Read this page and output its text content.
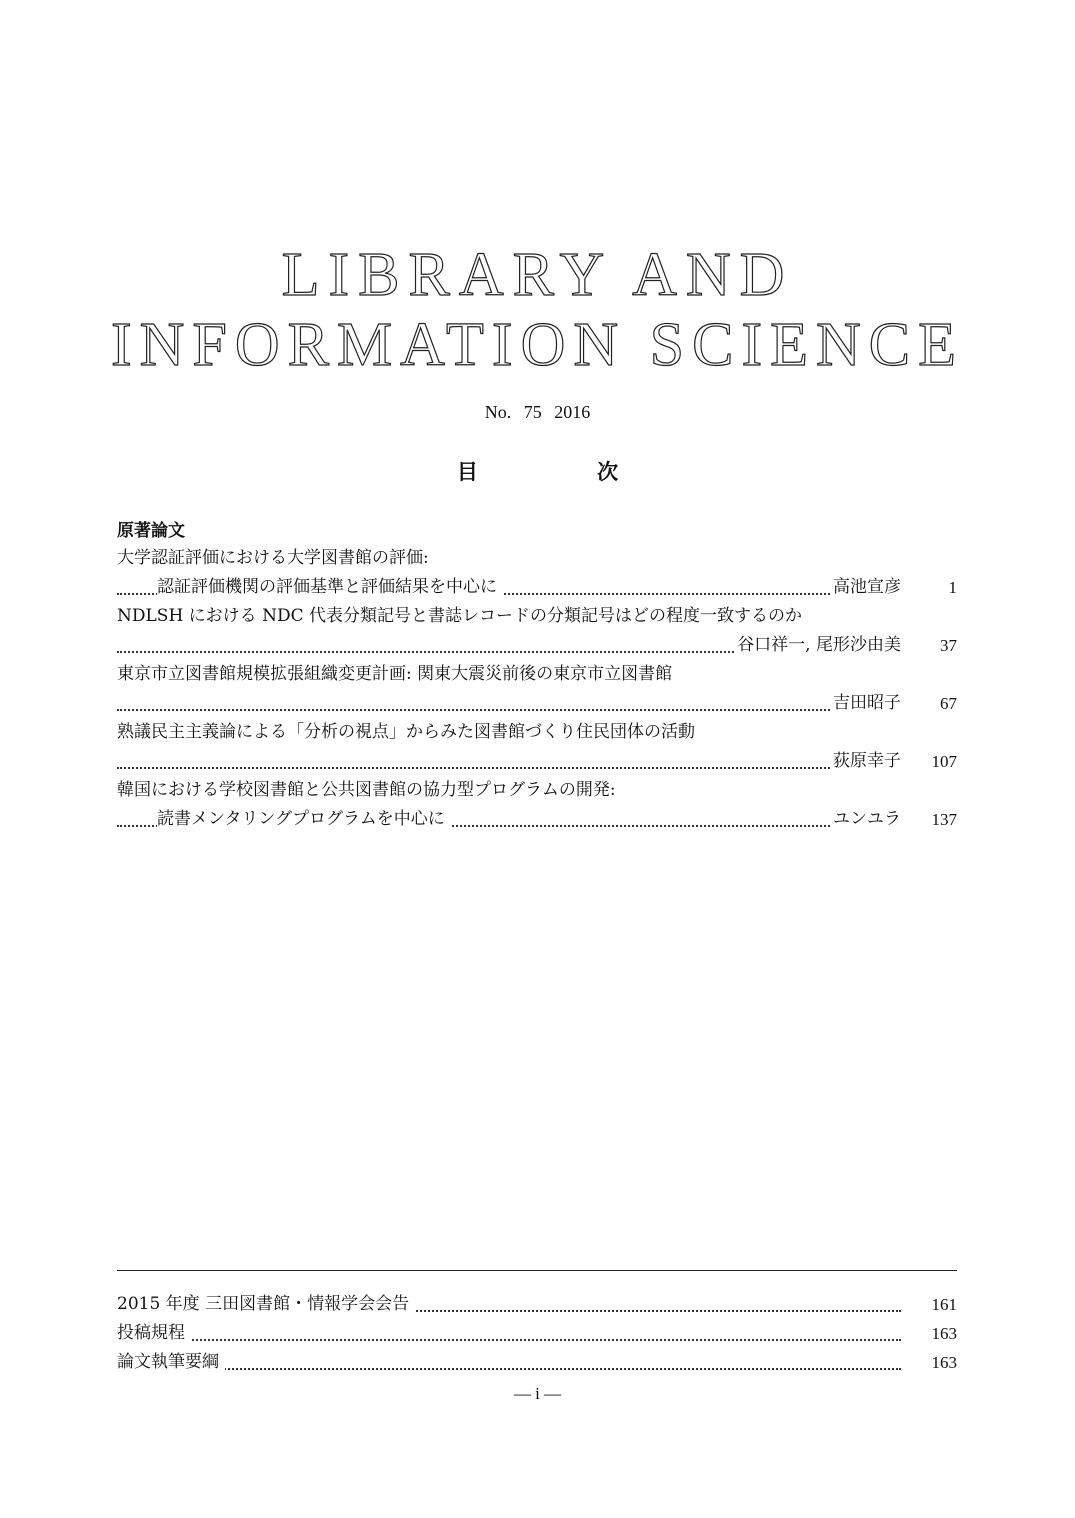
LIBRARY AND
INFORMATION SCIENCE
No. 75 2016
目 次
原著論文
大学認証評価における大学図書館の評価:
認証評価機関の評価基準と評価結果を中心に	高池宣彦	1
NDLSH における NDC 代表分類記号と書誌レコードの分類記号はどの程度一致するのか
谷口祥一, 尾形沙由美 37
東京市立図書館規模拡張組織変更計画: 関東大震災前後の東京市立図書館
吉田昭子 67
熟議民主主義論による「分析の視点」からみた図書館づくり住民団体の活動
荻原幸子 107
韓国における学校図書館と公共図書館の協力型プログラムの開発:
読書メンタリングプログラムを中心に	ユンユラ 137
2015 年度 三田図書館・情報学会会告	161
投稿規程	163
論文執筆要綱	163
— i —
